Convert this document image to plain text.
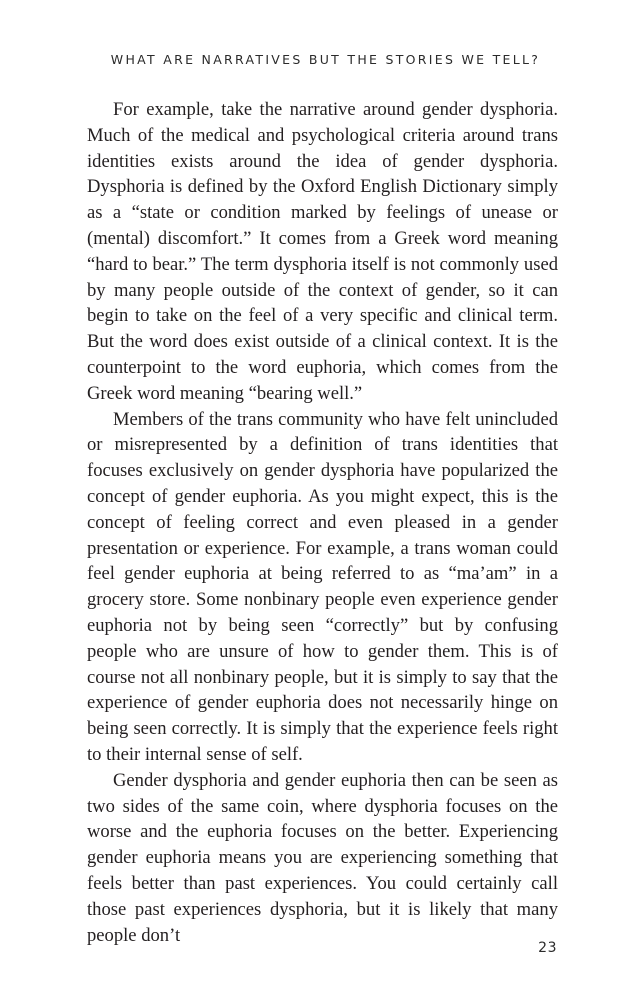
WHAT ARE NARRATIVES BUT THE STORIES WE TELL?

For example, take the narrative around gender dysphoria. Much of the medical and psychological criteria around trans identities exists around the idea of gender dysphoria. Dysphoria is defined by the Oxford English Dictionary simply as a “state or condition marked by feelings of unease or (mental) discomfort.” It comes from a Greek word meaning “hard to bear.” The term dysphoria itself is not commonly used by many people outside of the context of gender, so it can begin to take on the feel of a very specific and clinical term. But the word does exist outside of a clinical context. It is the counterpoint to the word euphoria, which comes from the Greek word meaning “bearing well.”

Members of the trans community who have felt unincluded or misrepresented by a definition of trans identities that focuses exclusively on gender dysphoria have popularized the concept of gender euphoria. As you might expect, this is the concept of feeling correct and even pleased in a gender presentation or experience. For example, a trans woman could feel gender euphoria at being referred to as “ma’am” in a grocery store. Some nonbinary people even experience gender euphoria not by being seen “correctly” but by confusing people who are unsure of how to gender them. This is of course not all nonbinary people, but it is simply to say that the experience of gender euphoria does not necessarily hinge on being seen correctly. It is simply that the experience feels right to their internal sense of self.

Gender dysphoria and gender euphoria then can be seen as two sides of the same coin, where dysphoria focuses on the worse and the euphoria focuses on the better. Experiencing gender euphoria means you are experiencing something that feels better than past experiences. You could certainly call those past experiences dysphoria, but it is likely that many people don’t

23
